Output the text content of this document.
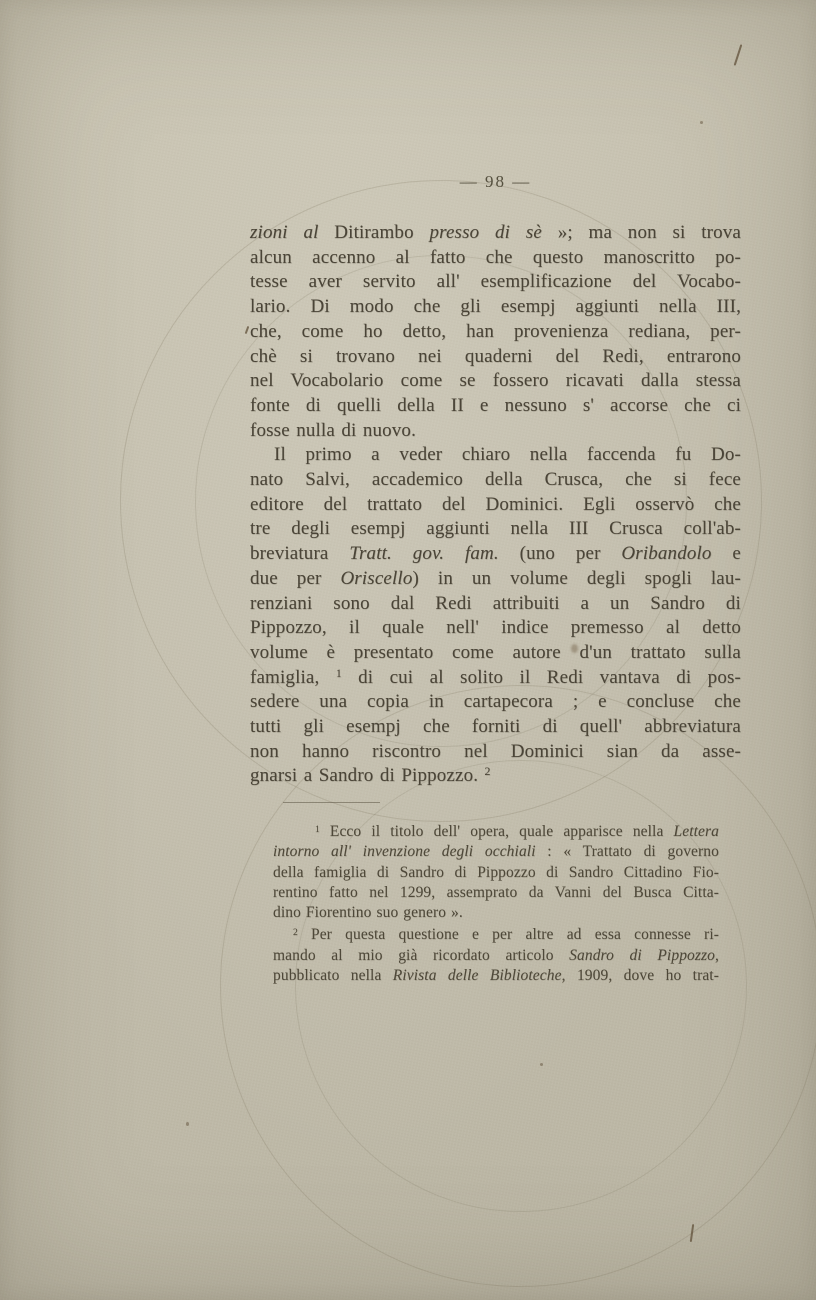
— 98 —
zioni al Ditirambo presso di sè »; ma non si trova
alcun accenno al fatto che questo manoscritto po-
tesse aver servito all' esemplificazione del Vocabo-
lario. Di modo che gli esempj aggiunti nella III,
che, come ho detto, han provenienza rediana, per-
chè si trovano nei quaderni del Redi, entrarono
nel Vocabolario come se fossero ricavati dalla stessa
fonte di quelli della II e nessuno s' accorse che ci
fosse nulla di nuovo.
Il primo a veder chiaro nella faccenda fu Do-
nato Salvi, accademico della Crusca, che si fece
editore del trattato del Dominici. Egli osservò che
tre degli esempj aggiunti nella III Crusca coll'ab-
breviatura Tratt. gov. fam. (uno per Oribandolo e
due per Oriscello) in un volume degli spogli lau-
renziani sono dal Redi attribuiti a un Sandro di
Pippozzo, il quale nell' indice premesso al detto
volume è presentato come autore d'un trattato sulla
famiglia, $^1$ di cui al solito il Redi vantava di pos-
sedere una copia in cartapecora ; e concluse che
tutti gli esempj che forniti di quell' abbreviatura
non hanno riscontro nel Dominici sian da asse-
gnarsi a Sandro di Pippozzo. $^2$
$^1$ Ecco il titolo dell' opera, quale apparisce nella Lettera
intorno all' invenzione degli occhiali : « Trattato di governo
della famiglia di Sandro di Pippozzo di Sandro Cittadino Fio-
rentino fatto nel 1299, assemprato da Vanni del Busca Citta-
dino Fiorentino suo genero ».
$^2$ Per questa questione e per altre ad essa connesse ri-
mando al mio già ricordato articolo Sandro di Pippozzo,
pubblicato nella Rivista delle Biblioteche, 1909, dove ho trat-
